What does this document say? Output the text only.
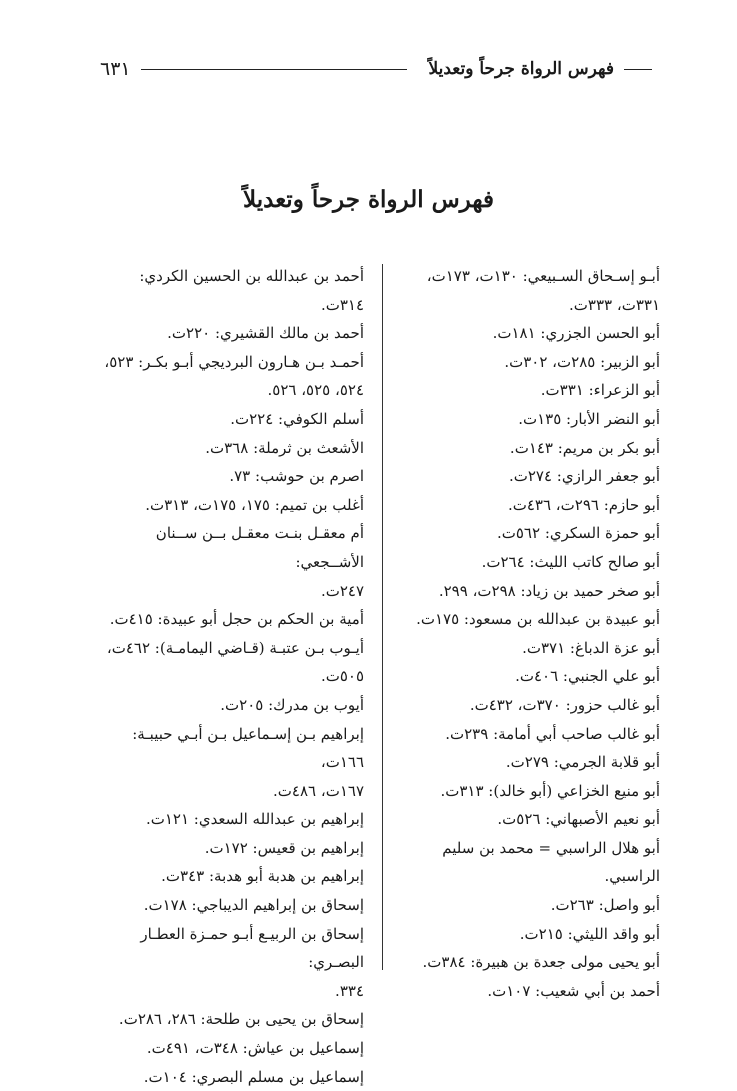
فهرس الرواة جرحاً وتعديلاً
٦٣١
فهرس الرواة جرحاً وتعديلاً
أبـو إسـحاق السـبيعي: ١٣٠ت، ١٧٣ت،
٣٣١ت، ٣٣٣ت.
أبو الحسن الجزري: ١٨١ت.
أبو الزبير: ٢٨٥ت، ٣٠٢ت.
أبو الزعراء: ٣٣١ت.
أبو النضر الأبار: ١٣٥ت.
أبو بكر بن مريم: ١٤٣ت.
أبو جعفر الرازي: ٢٧٤ت.
أبو حازم: ٢٩٦ت، ٤٣٦ت.
أبو حمزة السكري: ٥٦٢ت.
أبو صالح كاتب الليث: ٢٦٤ت.
أبو صخر حميد بن زياد: ٢٩٨ت، ٢٩٩.
أبو عبيدة بن عبدالله بن مسعود: ١٧٥ت.
أبو عزة الدباغ: ٣٧١ت.
أبو علي الجنبي: ٤٠٦ت.
أبو غالب حزور: ٣٧٠ت، ٤٣٢ت.
أبو غالب صاحب أبي أمامة: ٢٣٩ت.
أبو قلابة الجرمي: ٢٧٩ت.
أبو منيع الخزاعي (أبو خالد): ٣١٣ت.
أبو نعيم الأصبهاني: ٥٢٦ت.
أبو هلال الراسبي = محمد بن سليم الراسبي.
أبو واصل: ٢٦٣ت.
أبو واقد الليثي: ٢١٥ت.
أبو يحيى مولى جعدة بن هبيرة: ٣٨٤ت.
أحمد بن أبي شعيب: ١٠٧ت.
أحمد بن عبدالله بن الحسين الكردي: ٣١٤ت.
أحمد بن مالك القشيري: ٢٢٠ت.
أحمـد بـن هـارون البرديجي أبـو بكـر: ٥٢٣،
٥٢٤، ٥٢٥، ٥٢٦.
أسلم الكوفي: ٢٢٤ت.
الأشعث بن ثرملة: ٣٦٨ت.
اصرم بن حوشب: ٧٣.
أغلب بن تميم: ١٧٥، ١٧٥ت، ٣١٣ت.
أم معقـل بنـت معقـل بــن ســنان الأشــجعي:
٢٤٧ت.
أمية بن الحكم بن حجل أبو عبيدة: ٤١٥ت.
أيـوب بـن عتبـة (قـاضي اليمامـة): ٤٦٢ت،
٥٠٥ت.
أيوب بن مدرك: ٢٠٥ت.
إبراهيم بـن إسـماعيل بـن أبـي حبيبـة: ١٦٦ت،
١٦٧ت، ٤٨٦ت.
إبراهيم بن عبدالله السعدي: ١٢١ت.
إبراهيم بن قعيس: ١٧٢ت.
إبراهيم بن هدبة أبو هدبة: ٣٤٣ت.
إسحاق بن إبراهيم الديباجي: ١٧٨ت.
إسحاق بن الربيـع أبـو حمـزة العطـار البصـري:
٣٣٤.
إسحاق بن يحيى بن طلحة: ٢٨٦، ٢٨٦ت.
إسماعيل بن عياش: ٣٤٨ت، ٤٩١ت.
إسماعيل بن مسلم البصري: ١٠٤ت.
